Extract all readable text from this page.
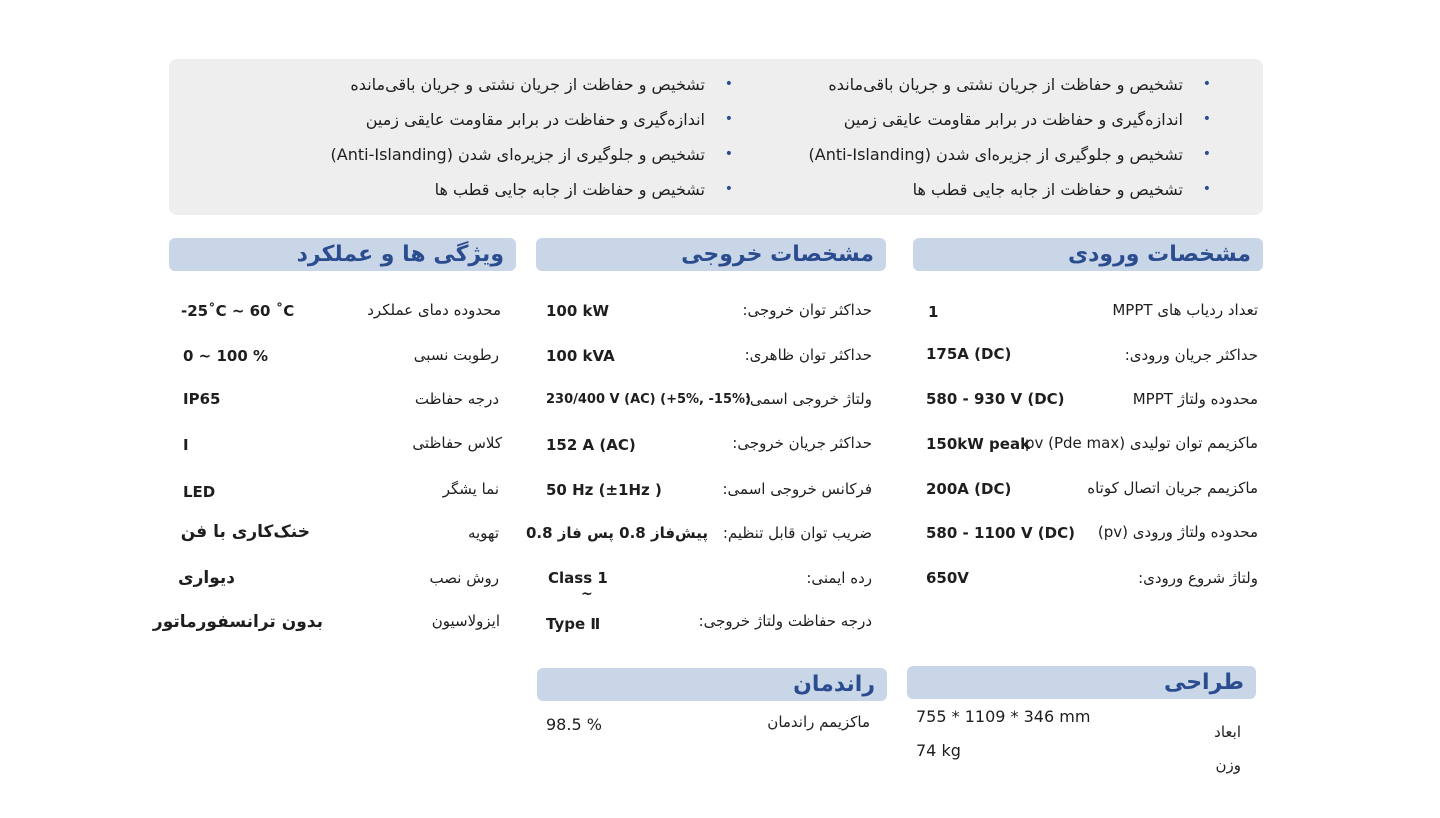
•
تشخیص و حفاظت از جریان نشتی و جریان باقی‌مانده
•
اندازه‌گیری و حفاظت در برابر مقاومت عایقی زمین
•
تشخیص و جلوگیری از جزیره‌ای شدن (Anti-Islanding)
•
تشخیص و حفاظت از جابه جایی قطب ها
•
تشخیص و حفاظت از جریان نشتی و جریان باقی‌مانده
•
اندازه‌گیری و حفاظت در برابر مقاومت عایقی زمین
•
تشخیص و جلوگیری از جزیره‌ای شدن (Anti-Islanding)
•
تشخیص و حفاظت از جابه جایی قطب ها
مشخصات ورودی
مشخصات خروجی
ویژگی ها و عملکرد
طراحی
راندمان
تعداد ردیاب های MPPT
1
حداکثر جریان ورودی:
175A (DC)
محدوده ولتاژ MPPT
580 - 930 V (DC)
ماکزیمم توان تولیدی pv (Pde max)
150kW peak
ماکزیمم جریان اتصال کوتاه
200A (DC)
محدوده ولتاژ ورودی (pv)
580 - 1100 V (DC)
ولتاژ شروع ورودی:
650V
حداکثر توان خروجی:
100 kW
حداکثر توان ظاهری:
100 kVA
ولتاژ خروجی اسمی:
230/400 V (AC) (+5%, -15%)
حداکثر جریان خروجی:
152 A (AC)
فرکانس خروجی اسمی:
50 Hz (±1Hz )
ضریب توان قابل تنظیم:
پیش‌فاز 0.8 پس فاز 0.8
رده ایمنی:
Class 1
~
درجه حفاظت ولتاژ خروجی:
Type Ⅱ
محدوده دمای عملکرد
-25˚C ~ 60 ˚C
رطوبت نسبی
0 ~ 100 %
درجه حفاظت
IP65
کلاس حفاظتی
I
نما یشگر
LED
تهویه
خنک‌کاری با فن
روش نصب
دیواری
ایزولاسیون
بدون ترانسفورماتور
755 * 1109 * 346 mm
ابعاد
74 kg
وزن
ماکزیمم راندمان
98.5 %
